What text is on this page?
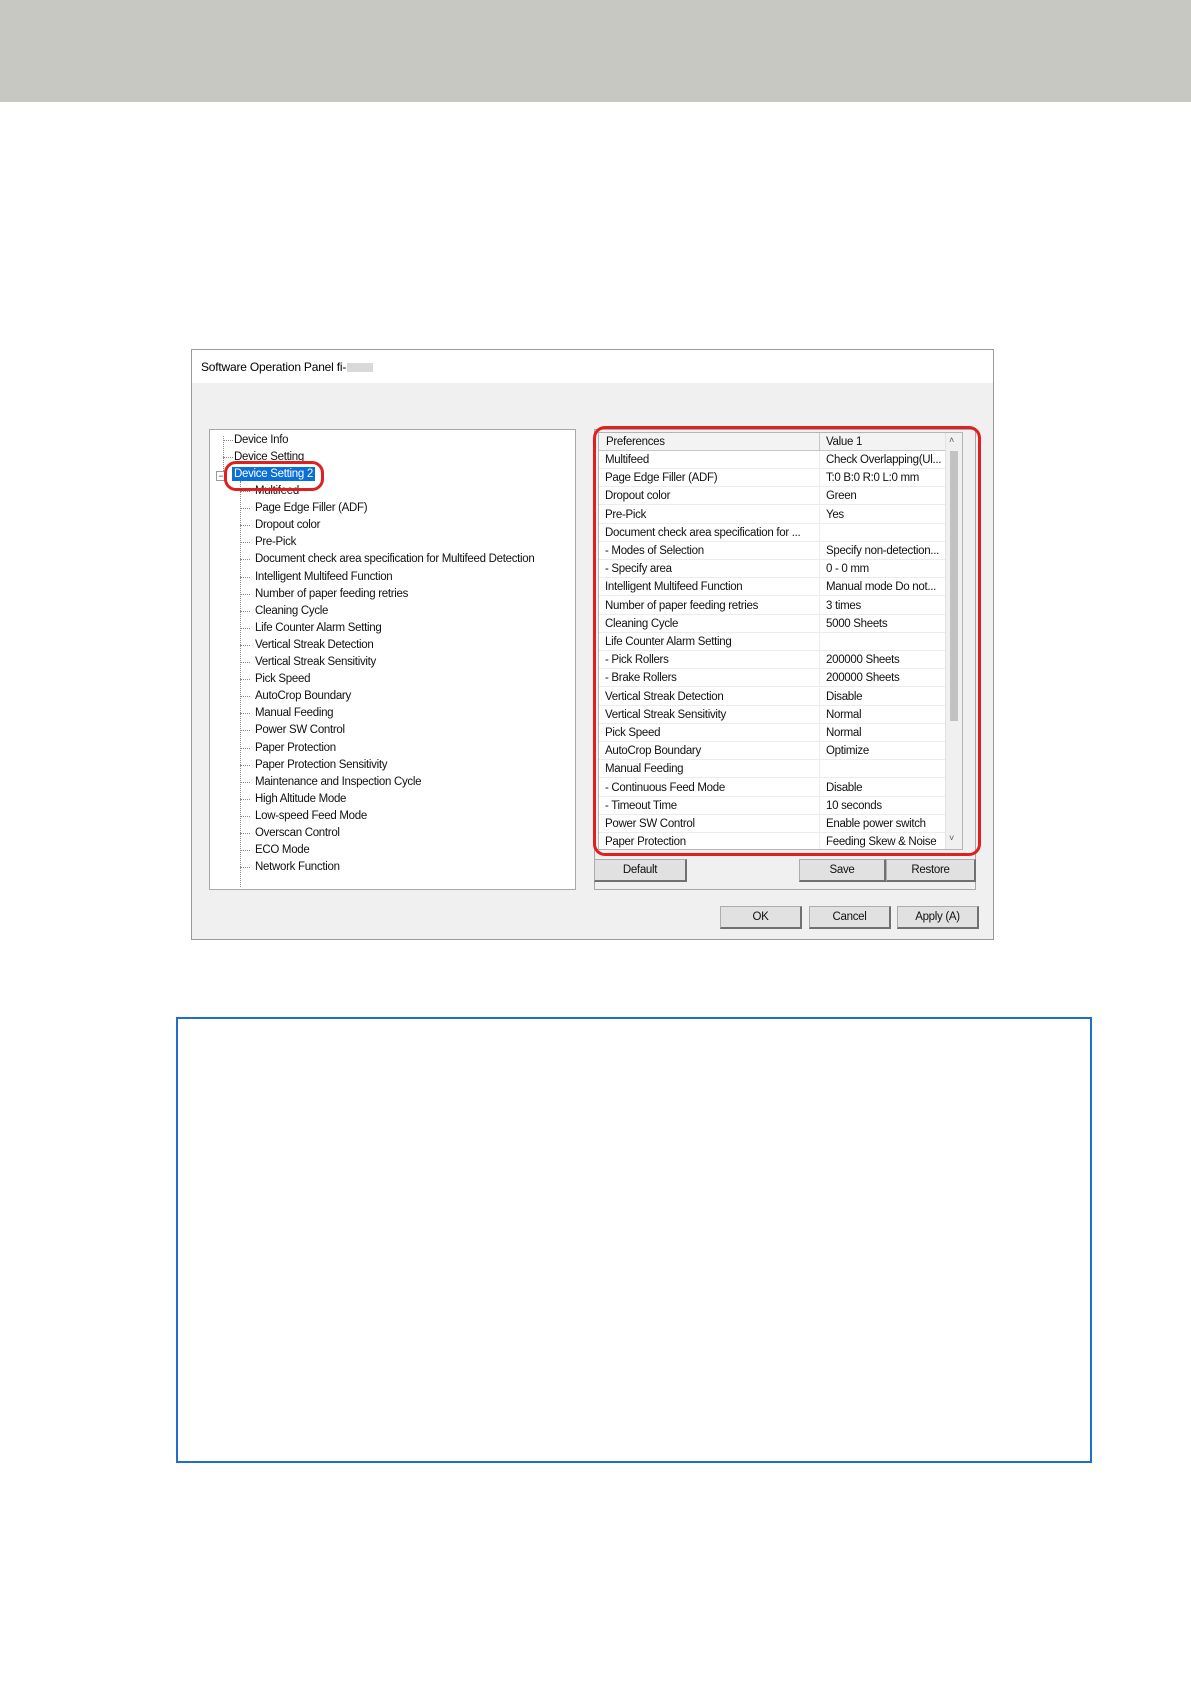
Software Operation Panel fi-
−
Device Info
Device Setting
Device Setting 2
Multifeed
Page Edge Filler (ADF)
Dropout color
Pre-Pick
Document check area specification for Multifeed Detection
Intelligent Multifeed Function
Number of paper feeding retries
Cleaning Cycle
Life Counter Alarm Setting
Vertical Streak Detection
Vertical Streak Sensitivity
Pick Speed
AutoCrop Boundary
Manual Feeding
Power SW Control
Paper Protection
Paper Protection Sensitivity
Maintenance and Inspection Cycle
High Altitude Mode
Low-speed Feed Mode
Overscan Control
ECO Mode
Network Function
Preferences	Value 1
Multifeed	Check Overlapping(Ul...
Page Edge Filler (ADF)	T:0 B:0 R:0 L:0 mm
Dropout color	Green
Pre-Pick	Yes
Document check area specification for ...
- Modes of Selection	Specify non-detection...
- Specify area	0 - 0 mm
Intelligent Multifeed Function	Manual mode Do not...
Number of paper feeding retries	3 times
Cleaning Cycle	5000 Sheets
Life Counter Alarm Setting
- Pick Rollers	200000 Sheets
- Brake Rollers	200000 Sheets
Vertical Streak Detection	Disable
Vertical Streak Sensitivity	Normal
Pick Speed	Normal
AutoCrop Boundary	Optimize
Manual Feeding
- Continuous Feed Mode	Disable
- Timeout Time	10 seconds
Power SW Control	Enable power switch
Paper Protection	Feeding Skew & Noise
˄
˅
Default	Save	Restore
OK	Cancel	Apply (A)
